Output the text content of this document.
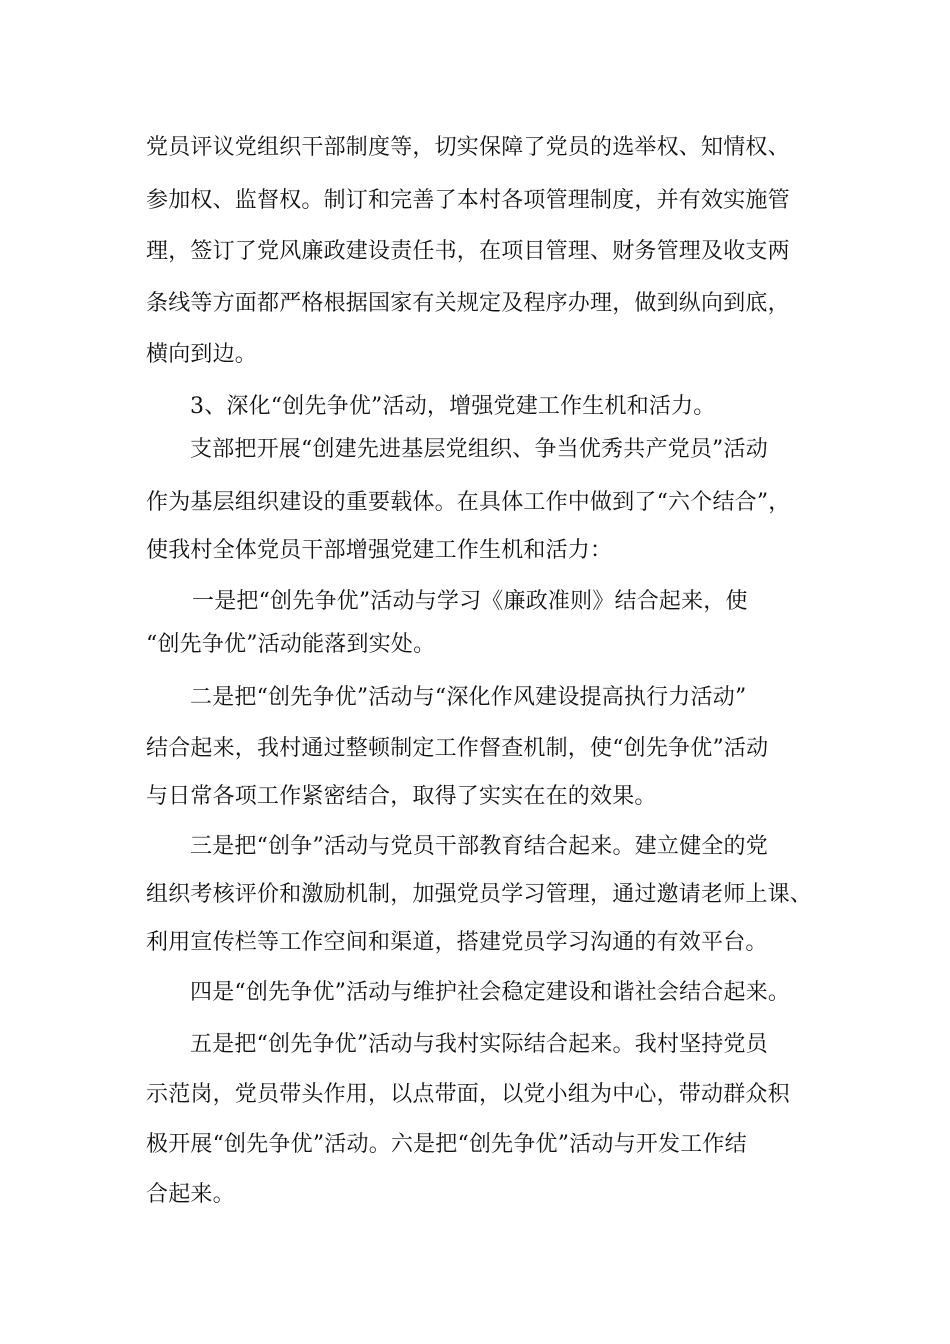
党员评议党组织干部制度等，切实保障了党员的选举权、知情权、
参加权、监督权。制订和完善了本村各项管理制度，并有效实施管
理，签订了党风廉政建设责任书，在项目管理、财务管理及收支两
条线等方面都严格根据国家有关规定及程序办理，做到纵向到底，
横向到边。
3、深化“创先争优”活动，增强党建工作生机和活力。
支部把开展“创建先进基层党组织、争当优秀共产党员”活动
作为基层组织建设的重要载体。在具体工作中做到了“六个结合”，
使我村全体党员干部增强党建工作生机和活力：
一是把“创先争优”活动与学习《廉政准则》结合起来，使
“创先争优”活动能落到实处。
二是把“创先争优”活动与“深化作风建设提高执行力活动”
结合起来，我村通过整顿制定工作督查机制，使“创先争优”活动
与日常各项工作紧密结合，取得了实实在在的效果。
三是把“创争”活动与党员干部教育结合起来。建立健全的党
组织考核评价和激励机制，加强党员学习管理，通过邀请老师上课、
利用宣传栏等工作空间和渠道，搭建党员学习沟通的有效平台。
四是“创先争优”活动与维护社会稳定建设和谐社会结合起来。
五是把“创先争优”活动与我村实际结合起来。我村坚持党员
示范岗，党员带头作用，以点带面，以党小组为中心，带动群众积
极开展“创先争优”活动。六是把“创先争优”活动与开发工作结
合起来。
